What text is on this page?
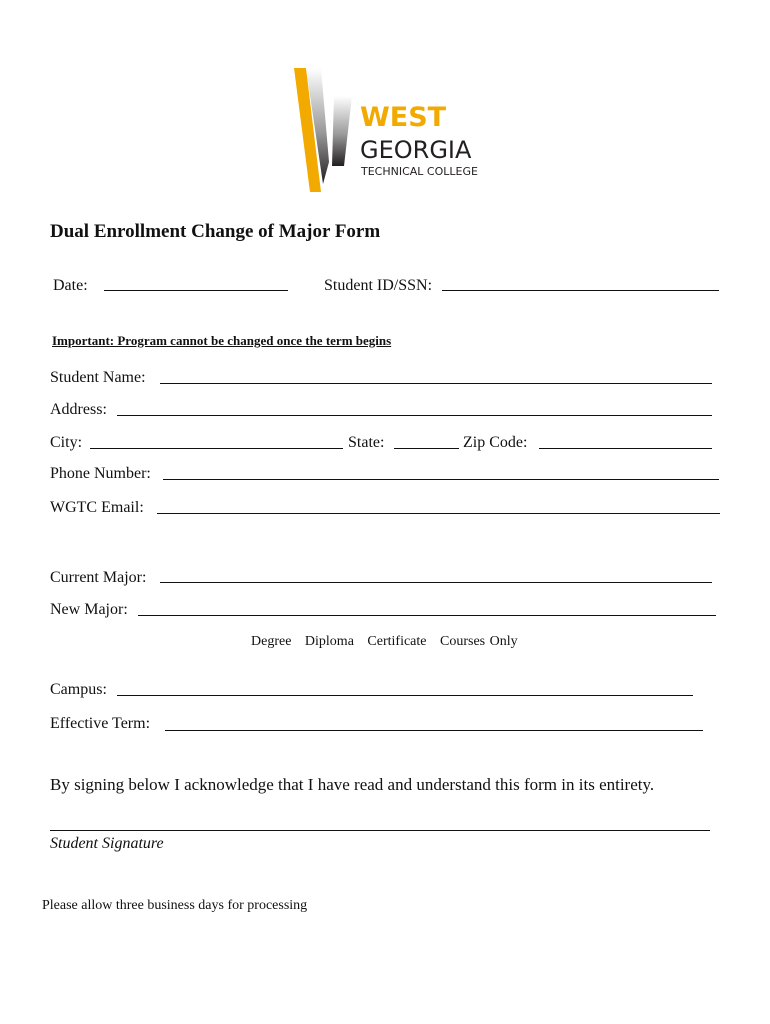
WEST
GEORGIA
TECHNICAL COLLEGE
Dual Enrollment Change of Major Form
Date:	Student ID/SSN:
Important: Program cannot be changed once the term begins
Student Name:
Address:
City:	State:	Zip Code:
Phone Number:
WGTC Email:
Current Major:
New Major:
Degree Diploma Certificate Courses Only
Campus:
Effective Term:
By signing below I acknowledge that I have read and understand this form in its entirety.
Student Signature
Please allow three business days for processing
